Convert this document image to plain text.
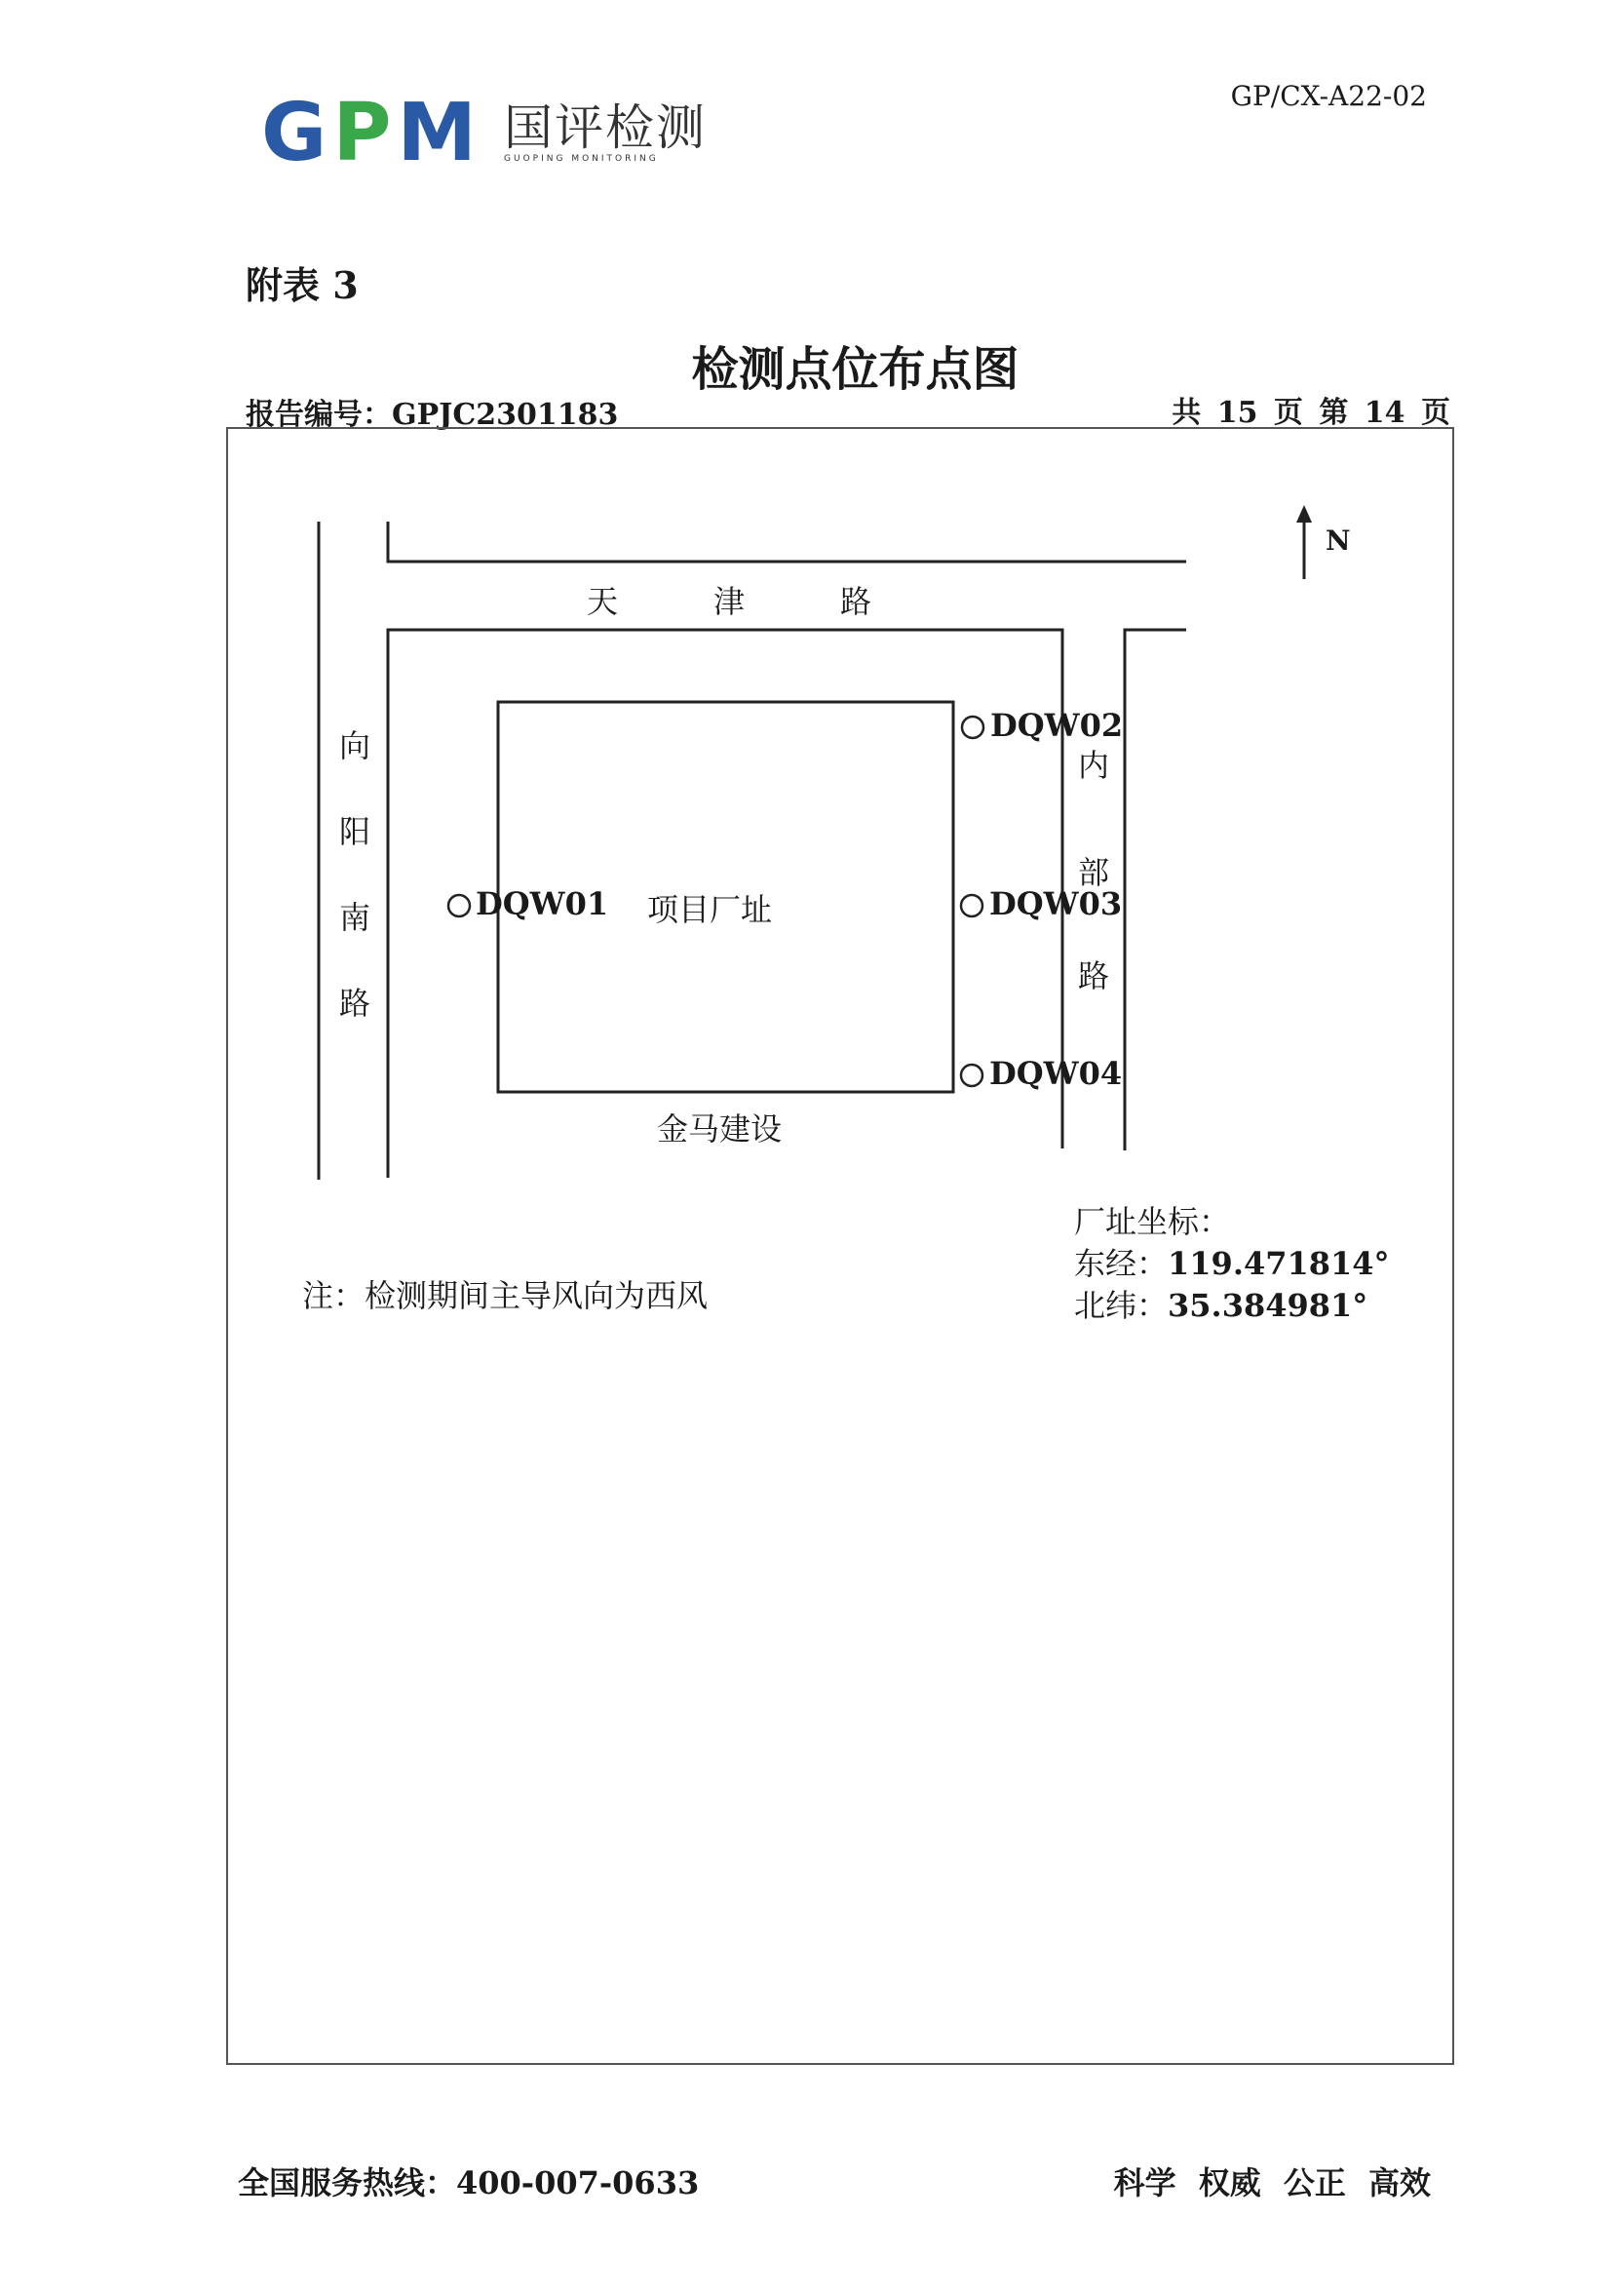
GPM 国评检测
GUOPING MONITORING
GP/CX-A22-02
附表 3
检测点位布点图
报告编号：GPJC2301183	共 15 页 第 14 页
N
天	津	路
向
阳
南
路
内
部
路
项目厂址
金马建设
DQW01
DQW02
DQW03
DQW04
注：检测期间主导风向为西风
厂址坐标：
东经：119.471814°
北纬：35.384981°
全国服务热线：400-007-0633	科学 权威 公正 高效
